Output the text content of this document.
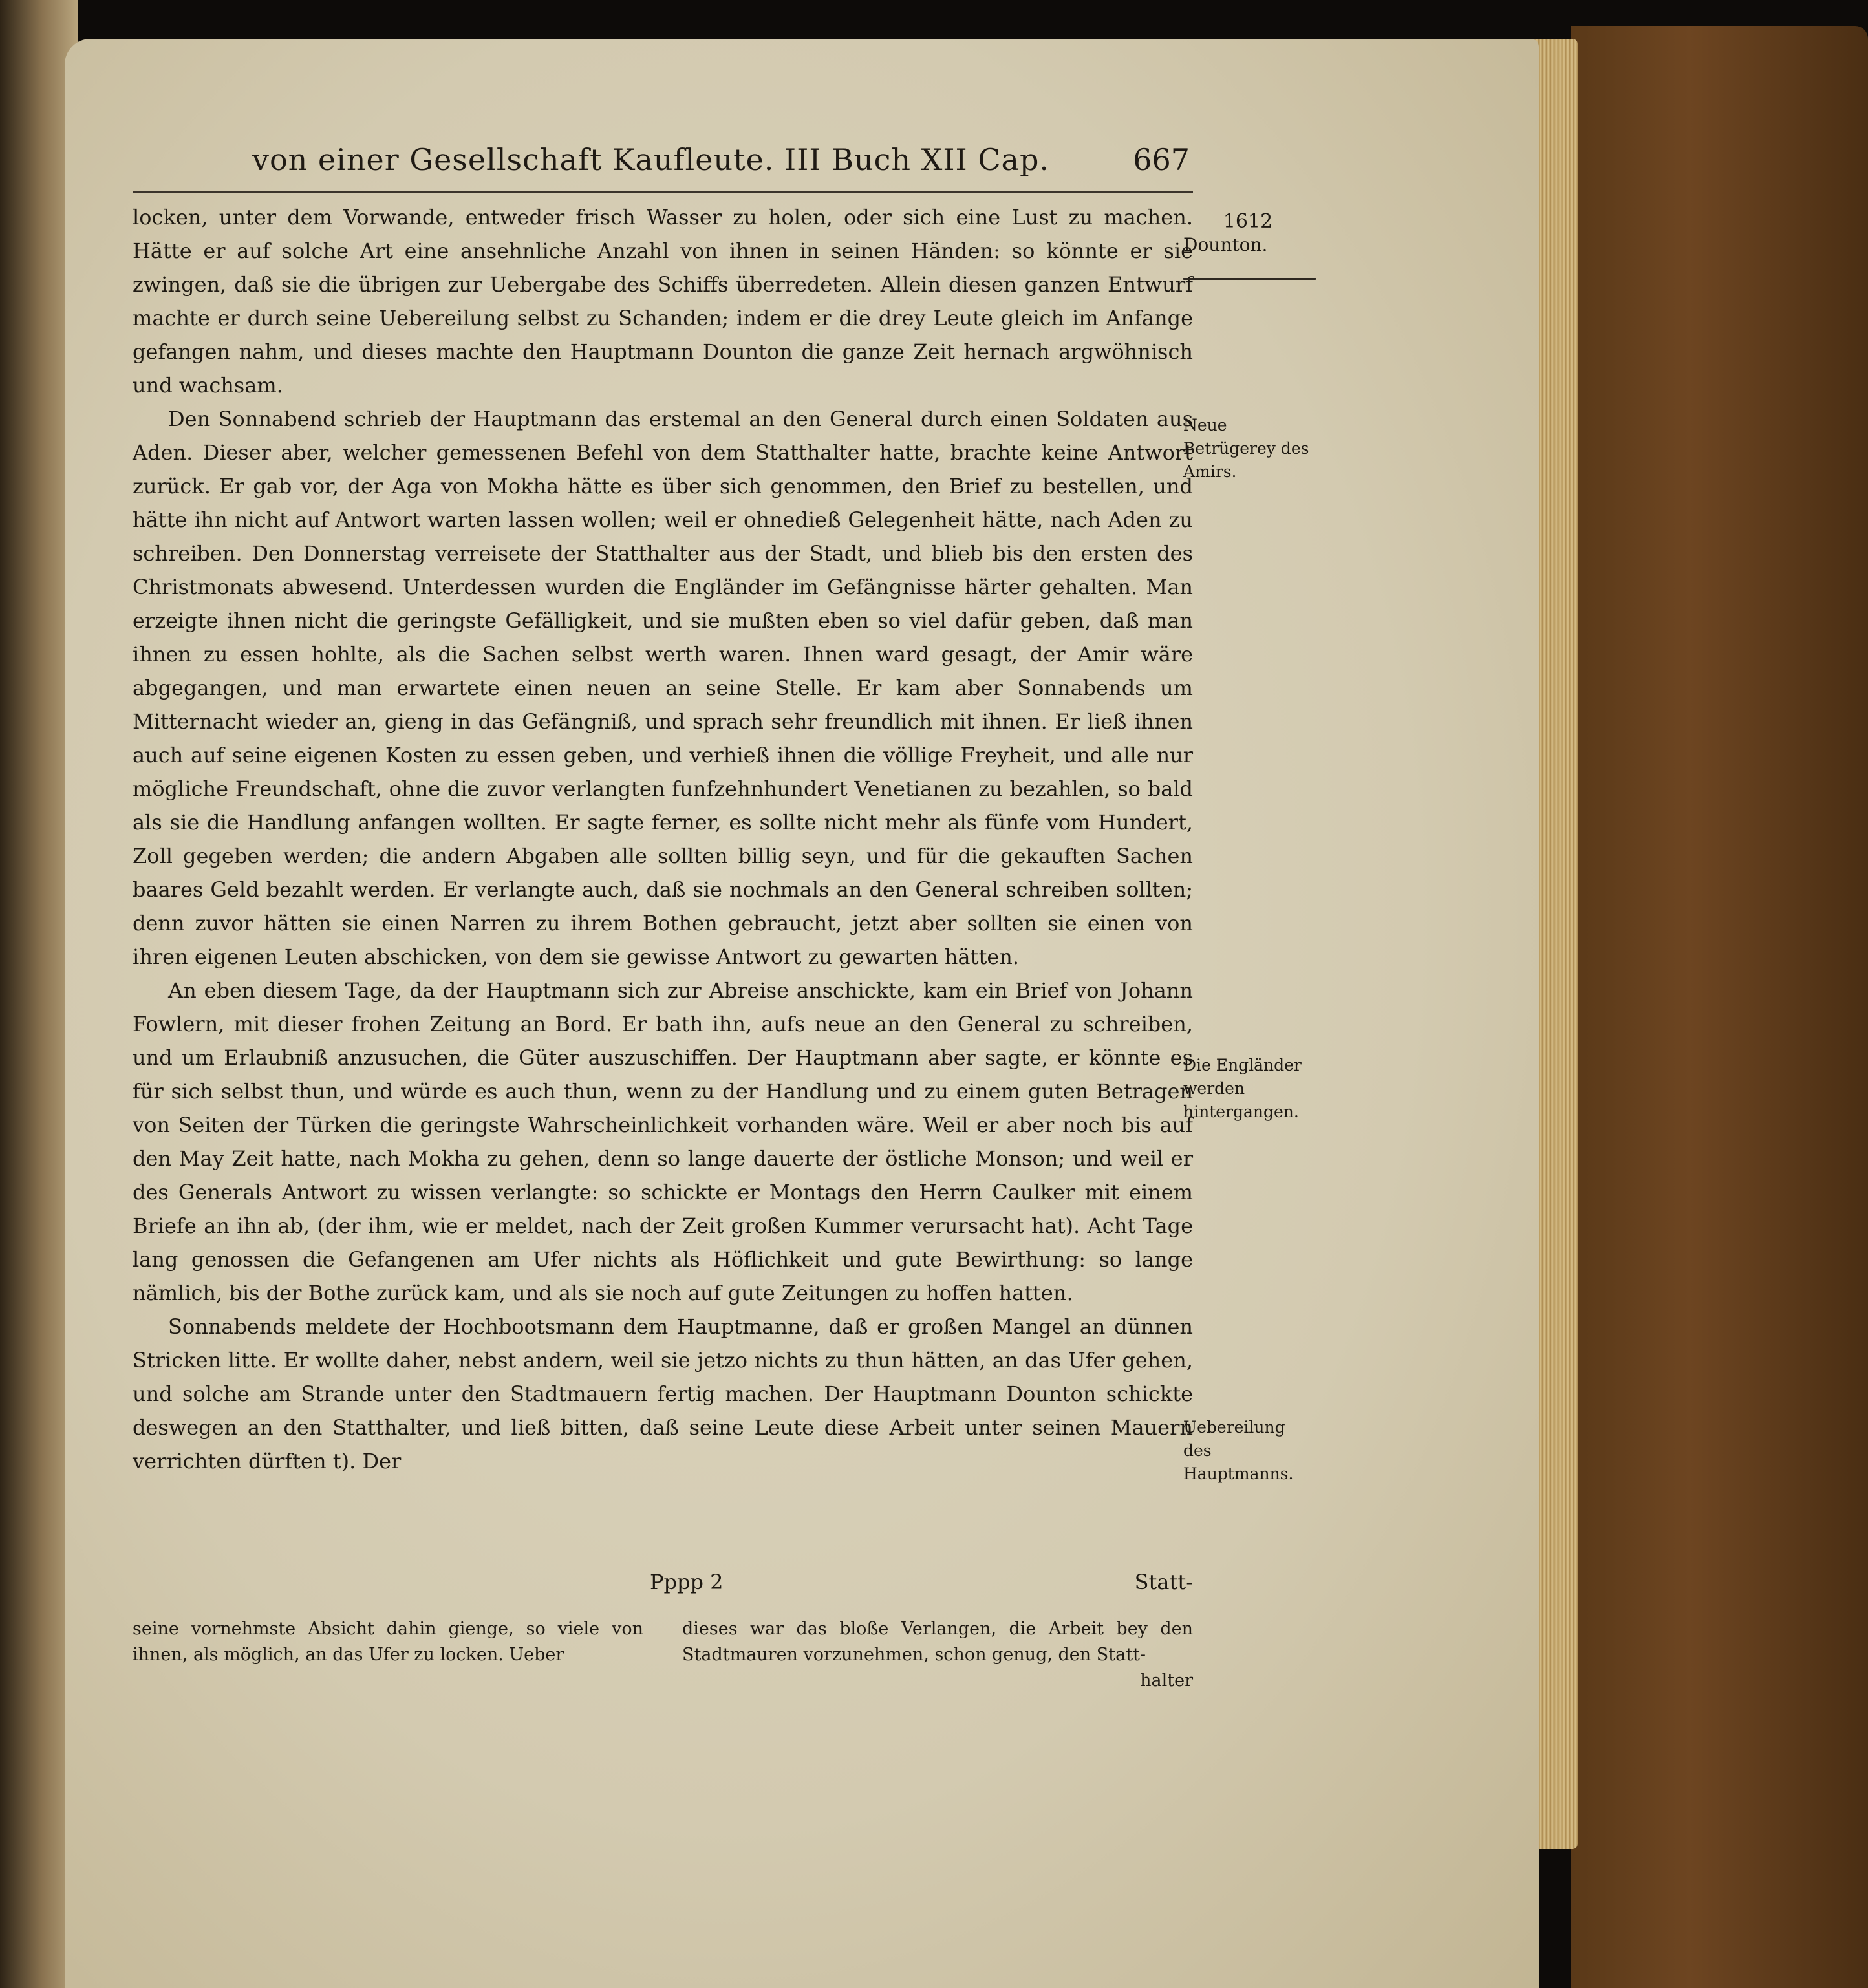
von einer Gesellschaft Kaufleute. III Buch XII Cap.	667

locken, unter dem Vorwande, entweder frisch Wasser zu holen, oder sich eine Lust zu machen. Hätte er auf solche Art eine ansehnliche Anzahl von ihnen in seinen Händen: so könnte er sie zwingen, daß sie die übrigen zur Uebergabe des Schiffs überredeten. Allein diesen ganzen Entwurf machte er durch seine Uebereilung selbst zu Schanden; indem er die drey Leute gleich im Anfange gefangen nahm, und dieses machte den Hauptmann Dounton die ganze Zeit hernach argwöhnisch und wachsam.

Den Sonnabend schrieb der Hauptmann das erstemal an den General durch einen Soldaten aus Aden. Dieser aber, welcher gemessenen Befehl von dem Statthalter hatte, brachte keine Antwort zurück. Er gab vor, der Aga von Mokha hätte es über sich genommen, den Brief zu bestellen, und hätte ihn nicht auf Antwort warten lassen wollen; weil er ohnedieß Gelegenheit hätte, nach Aden zu schreiben. Den Donnerstag verreisete der Statthalter aus der Stadt, und blieb bis den ersten des Christmonats abwesend. Unterdessen wurden die Engländer im Gefängnisse härter gehalten. Man erzeigte ihnen nicht die geringste Gefälligkeit, und sie mußten eben so viel dafür geben, daß man ihnen zu essen hohlte, als die Sachen selbst werth waren. Ihnen ward gesagt, der Amir wäre abgegangen, und man erwartete einen neuen an seine Stelle. Er kam aber Sonnabends um Mitternacht wieder an, gieng in das Gefängniß, und sprach sehr freundlich mit ihnen. Er ließ ihnen auch auf seine eigenen Kosten zu essen geben, und verhieß ihnen die völlige Freyheit, und alle nur mögliche Freundschaft, ohne die zuvor verlangten funfzehnhundert Venetianen zu bezahlen, so bald als sie die Handlung anfangen wollten. Er sagte ferner, es sollte nicht mehr als fünfe vom Hundert, Zoll gegeben werden; die andern Abgaben alle sollten billig seyn, und für die gekauften Sachen baares Geld bezahlt werden. Er verlangte auch, daß sie nochmals an den General schreiben sollten; denn zuvor hätten sie einen Narren zu ihrem Bothen gebraucht, jetzt aber sollten sie einen von ihren eigenen Leuten abschicken, von dem sie gewisse Antwort zu gewarten hätten.

An eben diesem Tage, da der Hauptmann sich zur Abreise anschickte, kam ein Brief von Johann Fowlern, mit dieser frohen Zeitung an Bord. Er bath ihn, aufs neue an den General zu schreiben, und um Erlaubniß anzusuchen, die Güter auszuschiffen. Der Hauptmann aber sagte, er könnte es für sich selbst thun, und würde es auch thun, wenn zu der Handlung und zu einem guten Betragen von Seiten der Türken die geringste Wahrscheinlichkeit vorhanden wäre. Weil er aber noch bis auf den May Zeit hatte, nach Mokha zu gehen, denn so lange dauerte der östliche Monson; und weil er des Generals Antwort zu wissen verlangte: so schickte er Montags den Herrn Caulker mit einem Briefe an ihn ab, (der ihm, wie er meldet, nach der Zeit großen Kummer verursacht hat). Acht Tage lang genossen die Gefangenen am Ufer nichts als Höflichkeit und gute Bewirthung: so lange nämlich, bis der Bothe zurück kam, und als sie noch auf gute Zeitungen zu hoffen hatten.

Sonnabends meldete der Hochbootsmann dem Hauptmanne, daß er großen Mangel an dünnen Stricken litte. Er wollte daher, nebst andern, weil sie jetzo nichts zu thun hätten, an das Ufer gehen, und solche am Strande unter den Stadtmauern fertig machen. Der Hauptmann Dounton schickte deswegen an den Statthalter, und ließ bitten, daß seine Leute diese Arbeit unter seinen Mauern verrichten dürften t). Der

1612
Dounton.
Neue Betrügerey des Amirs.
Die Engländer werden hintergangen.
Uebereilung des Hauptmanns.
Pppp 2	Statt-
seine vornehmste Absicht dahin gienge, so viele von ihnen, als möglich, an das Ufer zu locken. Ueber
dieses war das bloße Verlangen, die Arbeit bey den Stadtmauren vorzunehmen, schon genug, den Statt-
halter
